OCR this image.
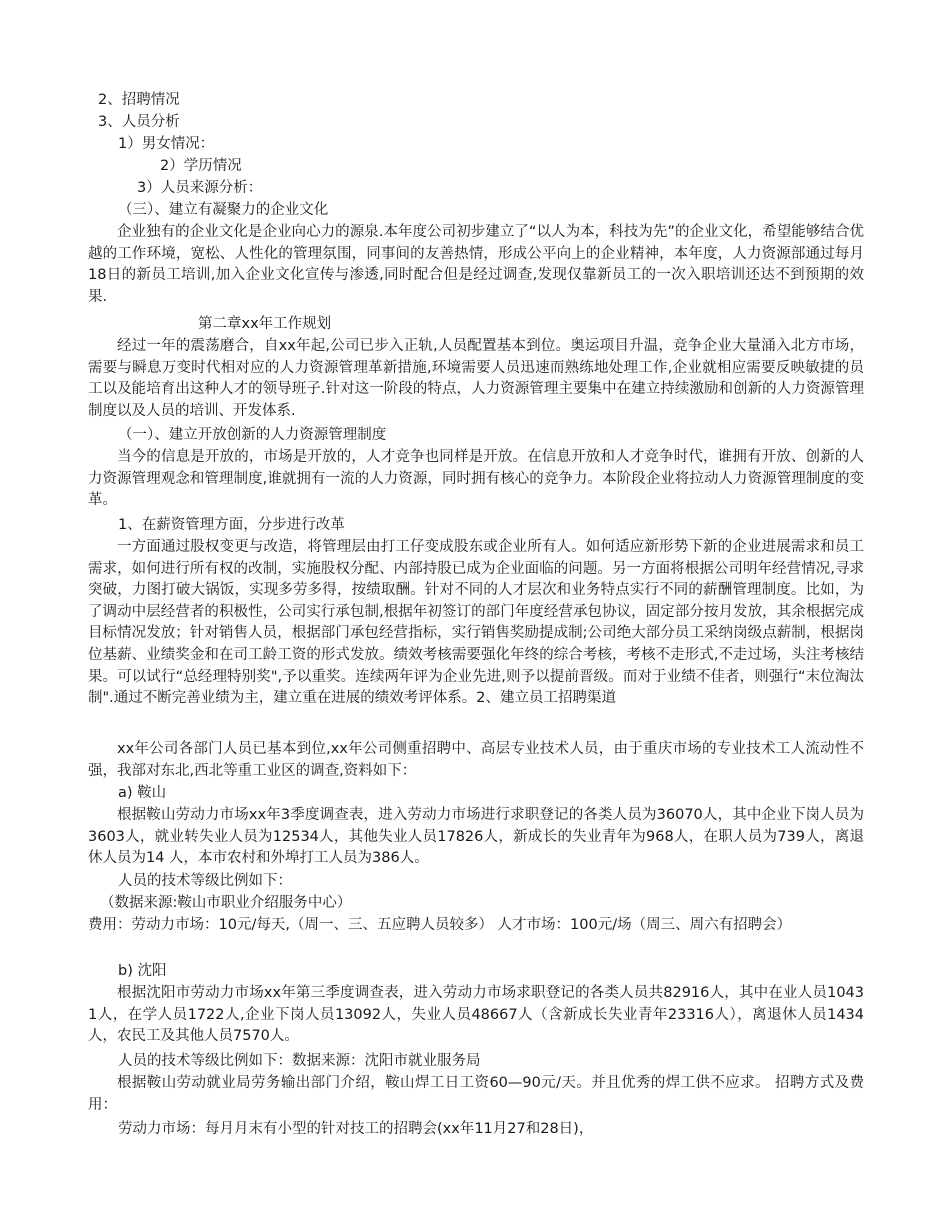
2、招聘情况
3、人员分析
1）男女情况：
2）学历情况
3）人员来源分析：
（三）、建立有凝聚力的企业文化

企业独有的企业文化是企业向心力的源泉.本年度公司初步建立了“以人为本，科技为先”的企业文化，希望能够结合优越的工作环境，宽松、人性化的管理氛围，同事间的友善热情，形成公平向上的企业精神，本年度，人力资源部通过每月18日的新员工培训,加入企业文化宣传与渗透,同时配合但是经过调查,发现仅靠新员工的一次入职培训还达不到预期的效果.

第二章xx年工作规划

经过一年的震荡磨合，自xx年起,公司已步入正轨,人员配置基本到位。奥运项目升温，竞争企业大量涌入北方市场，需要与瞬息万变时代相对应的人力资源管理革新措施,环境需要人员迅速而熟练地处理工作,企业就相应需要反映敏捷的员工以及能培育出这种人才的领导班子.针对这一阶段的特点，人力资源管理主要集中在建立持续激励和创新的人力资源管理制度以及人员的培训、开发体系.

（一）、建立开放创新的人力资源管理制度

当今的信息是开放的，市场是开放的，人才竞争也同样是开放。在信息开放和人才竞争时代，谁拥有开放、创新的人力资源管理观念和管理制度,谁就拥有一流的人力资源，同时拥有核心的竞争力。本阶段企业将拉动人力资源管理制度的变革。

1、在薪资管理方面，分步进行改革

一方面通过股权变更与改造，将管理层由打工仔变成股东或企业所有人。如何适应新形势下新的企业进展需求和员工需求，如何进行所有权的改制，实施股权分配、内部持股已成为企业面临的问题。另一方面将根据公司明年经营情况,寻求突破，力图打破大锅饭，实现多劳多得，按绩取酬。针对不同的人才层次和业务特点实行不同的薪酬管理制度。比如，为了调动中层经营者的积极性，公司实行承包制,根据年初签订的部门年度经营承包协议，固定部分按月发放，其余根据完成目标情况发放；针对销售人员，根据部门承包经营指标，实行销售奖励提成制;公司绝大部分员工采纳岗级点薪制，根据岗位基薪、业绩奖金和在司工龄工资的形式发放。绩效考核需要强化年终的综合考核，考核不走形式,不走过场，头注考核结果。可以试行“总经理特别奖",予以重奖。连续两年评为企业先进,则予以提前晋级。而对于业绩不佳者，则强行“末位淘汰制".通过不断完善业绩为主，建立重在进展的绩效考评体系。2、建立员工招聘渠道

xx年公司各部门人员已基本到位,xx年公司侧重招聘中、高层专业技术人员，由于重庆市场的专业技术工人流动性不强，我部对东北,西北等重工业区的调查,资料如下：

a) 鞍山

根据鞍山劳动力市场xx年3季度调查表，进入劳动力市场进行求职登记的各类人员为36070人，其中企业下岗人员为3603人，就业转失业人员为12534人，其他失业人员17826人，新成长的失业青年为968人，在职人员为739人，离退休人员为14 人，本市农村和外埠打工人员为386人。

人员的技术等级比例如下：
（数据来源:鞍山市职业介绍服务中心）

费用：劳动力市场：10元/每天,（周一、三、五应聘人员较多） 人才市场：100元/场（周三、周六有招聘会）

b) 沈阳

根据沈阳市劳动力市场xx年第三季度调查表，进入劳动力市场求职登记的各类人员共82916人，其中在业人员10431人，在学人员1722人,企业下岗人员13092人，失业人员48667人（含新成长失业青年23316人），离退休人员1434人，农民工及其他人员7570人。

人员的技术等级比例如下：数据来源：沈阳市就业服务局

根据鞍山劳动就业局劳务输出部门介绍，鞍山焊工日工资60—90元/天。并且优秀的焊工供不应求。 招聘方式及费用：

劳动力市场：每月月末有小型的针对技工的招聘会(xx年11月27和28日)，
